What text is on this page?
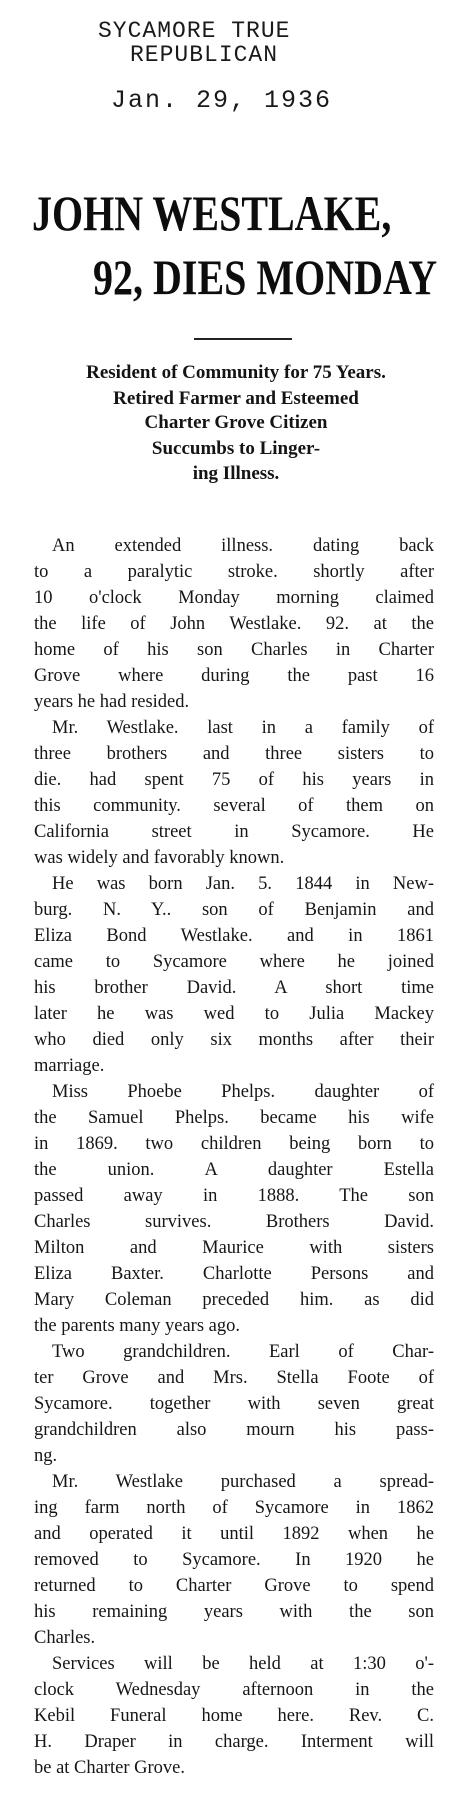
SYCAMORE TRUE
REPUBLICAN
Jan. 29, 1936
JOHN WESTLAKE,
92, DIES MONDAY
Resident of Community for 75 Years.
Retired Farmer and Esteemed
Charter Grove Citizen
Succumbs to Linger-
ing Illness.
An extended illness. dating back
to a paralytic stroke. shortly after
10 o'clock Monday morning claimed
the life of John Westlake. 92. at the
home of his son Charles in Charter
Grove where during the past 16
years he had resided.
Mr. Westlake. last in a family of
three brothers and three sisters to
die. had spent 75 of his years in
this community. several of them on
California street in Sycamore. He
was widely and favorably known.
He was born Jan. 5. 1844 in New-
burg. N. Y.. son of Benjamin and
Eliza Bond Westlake. and in 1861
came to Sycamore where he joined
his brother David. A short time
later he was wed to Julia Mackey
who died only six months after their
marriage.
Miss Phoebe Phelps. daughter of
the Samuel Phelps. became his wife
in 1869. two children being born to
the union. A daughter Estella
passed away in 1888. The son
Charles survives. Brothers David.
Milton and Maurice with sisters
Eliza Baxter. Charlotte Persons and
Mary Coleman preceded him. as did
the parents many years ago.
Two grandchildren. Earl of Char-
ter Grove and Mrs. Stella Foote of
Sycamore. together with seven great
grandchildren also mourn his pass-
ng.
Mr. Westlake purchased a spread-
ing farm north of Sycamore in 1862
and operated it until 1892 when he
removed to Sycamore. In 1920 he
returned to Charter Grove to spend
his remaining years with the son
Charles.
Services will be held at 1:30 o'-
clock Wednesday afternoon in the
Kebil Funeral home here. Rev. C.
H. Draper in charge. Interment will
be at Charter Grove.
